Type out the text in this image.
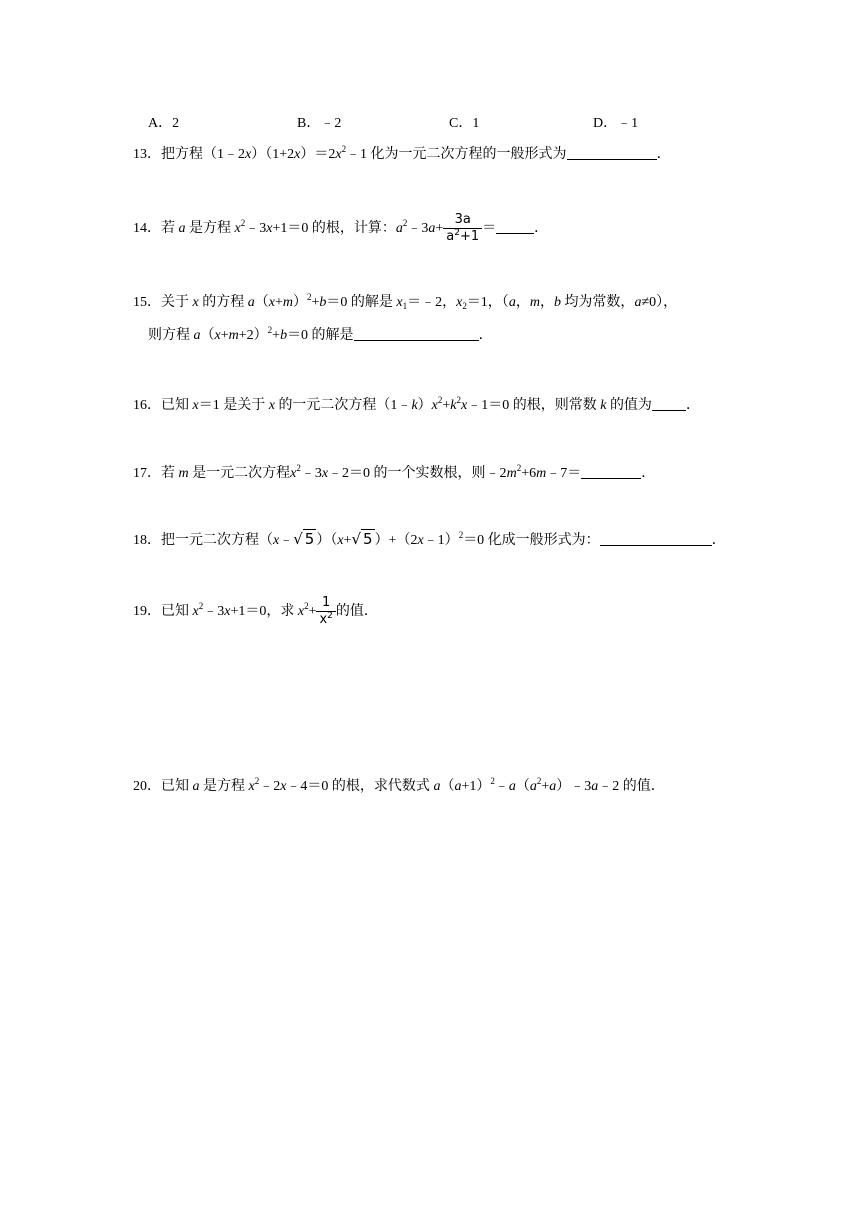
A．2	B．﹣2	C．1	D．﹣1
13．把方程$(1﹣2x)(1+2x)=2x^2﹣1$ 化为一元二次方程的一般形式为	．
14．若 a 是方程 $x^2﹣3x+1=0$ 的根，计算：$a^2﹣3a+ \frac{3a}{a^2+1}$ ＝	．
15．关于 x 的方程 $a(x+m)^2+b=0$ 的解是 $x_1=﹣2$，$x_2=1$，（a，m，b 均为常数，a≠0），
则方程 $a(x+m+2)^2+b=0$ 的解是	．
16．已知 x＝1 是关于 x 的一元二次方程$(1﹣k)x^2+k^2x﹣1=0$ 的根，则常数 k 的值为 ．
17．若 m 是一元二次方程$x^2﹣3x﹣2=0$ 的一个实数根，则$﹣2m^2+6m﹣7=$	．
18．把一元二次方程（x﹣√ 5 ）（x+√ 5 ）+（2x﹣1）$^2$＝0 化成一般形式为：	．
19．已知 $x^2﹣3x+1=0$，求 $x^2+ \frac{1}{x^2}$ 的值．
20．已知 a 是方程 $x^2﹣2x﹣4=0$ 的根，求代数式 $a(a+1)^2﹣a(a^2+a)﹣3a﹣2$ 的值．
